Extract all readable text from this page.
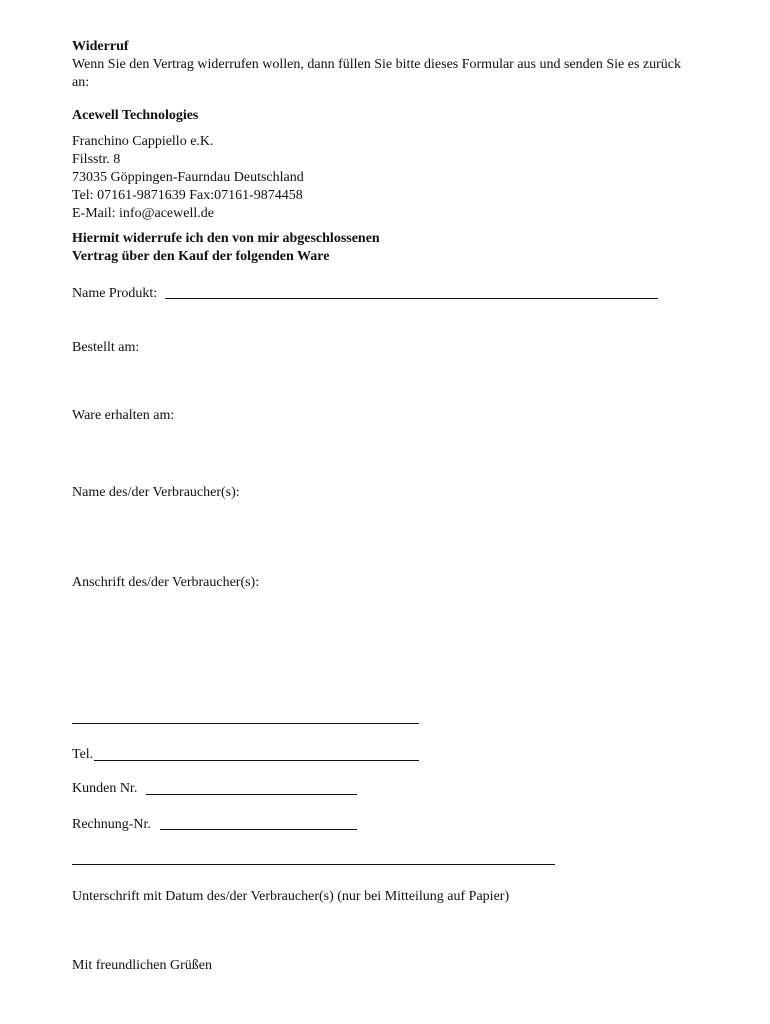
Widerruf
Wenn Sie den Vertrag widerrufen wollen, dann füllen Sie bitte dieses Formular aus und senden Sie es zurück an:
Acewell Technologies
Franchino Cappiello e.K.
Filsstr. 8
73035 Göppingen-Faurndau Deutschland
Tel: 07161-9871639 Fax:07161-9874458
E-Mail: info@acewell.de
Hiermit widerrufe ich den von mir abgeschlossenen
Vertrag über den Kauf der folgenden Ware
Name Produkt:
Bestellt am:
Ware erhalten am:
Name des/der Verbraucher(s):
Anschrift des/der Verbraucher(s):
Tel.
Kunden Nr.
Rechnung-Nr.
Unterschrift mit Datum des/der Verbraucher(s) (nur bei Mitteilung auf Papier)
Mit freundlichen Grüßen
